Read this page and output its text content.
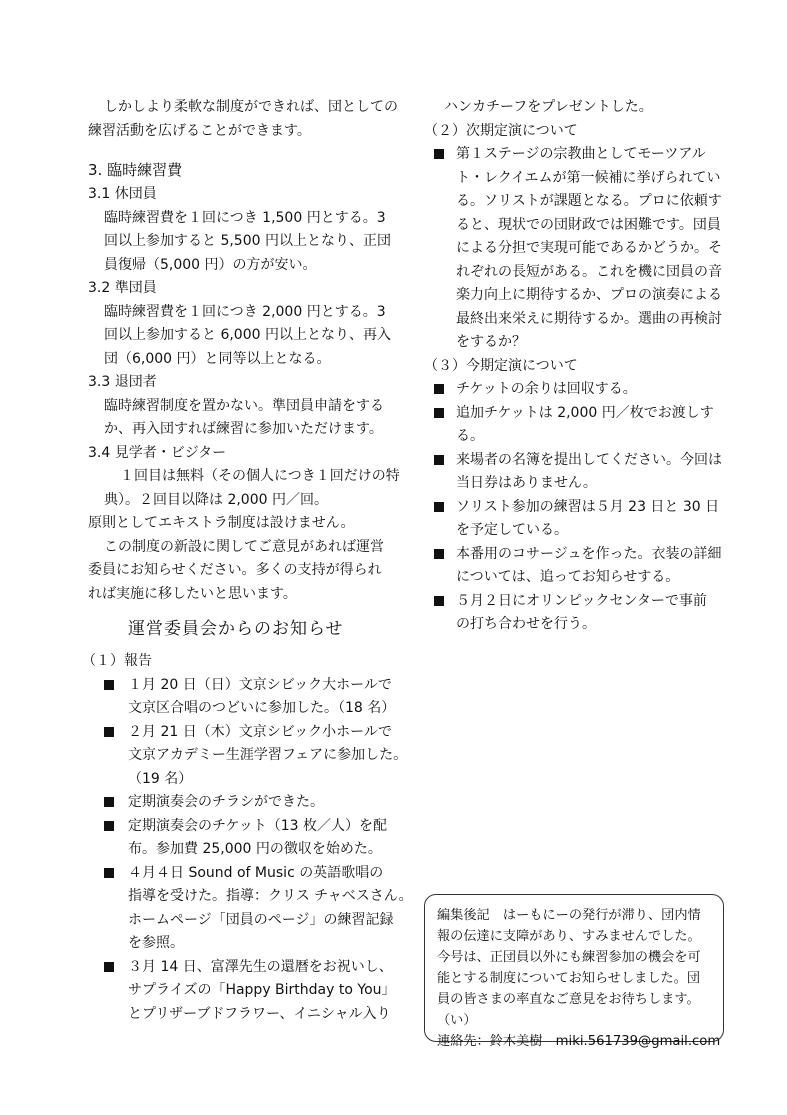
しかしより柔軟な制度ができれば、団としての
練習活動を広げることができます。
3. 臨時練習費
3.1 休団員
臨時練習費を１回につき 1,500 円とする。3
回以上参加すると 5,500 円以上となり、正団
員復帰（5,000 円）の方が安い。
3.2 準団員
臨時練習費を１回につき 2,000 円とする。3
回以上参加すると 6,000 円以上となり、再入
団（6,000 円）と同等以上となる。
3.3 退団者
臨時練習制度を置かない。準団員申請をする
か、再入団すれば練習に参加いただけます。
3.4 見学者・ビジター
１回目は無料（その個人につき１回だけの特
典）。２回目以降は 2,000 円／回。
原則としてエキストラ制度は設けません。
この制度の新設に関してご意見があれば運営
委員にお知らせください。多くの支持が得られ
れば実施に移したいと思います。
運営委員会からのお知らせ
（１）報告
１月 20 日（日）文京シビック大ホールで
文京区合唱のつどいに参加した。（18 名）
２月 21 日（木）文京シビック小ホールで
文京アカデミー生涯学習フェアに参加した。
（19 名）
定期演奏会のチラシができた。
定期演奏会のチケット（13 枚／人）を配
布。参加費 25,000 円の徴収を始めた。
４月４日 Sound of Music の英語歌唱の
指導を受けた。指導：クリス チャベスさん。
ホームページ「団員のページ」の練習記録
を参照。
３月 14 日、富澤先生の還暦をお祝いし、
サプライズの「Happy Birthday to You」
とプリザーブドフラワー、イニシャル入り
ハンカチーフをプレゼントした。
（２）次期定演について
第１ステージの宗教曲としてモーツアル
ト・レクイエムが第一候補に挙げられてい
る。ソリストが課題となる。プロに依頼す
ると、現状での団財政では困難です。団員
による分担で実現可能であるかどうか。そ
れぞれの長短がある。これを機に団員の音
楽力向上に期待するか、プロの演奏による
最終出来栄えに期待するか。選曲の再検討
をするか？
（３）今期定演について
チケットの余りは回収する。
追加チケットは 2,000 円／枚でお渡しす
る。
来場者の名簿を提出してください。今回は
当日券はありません。
ソリスト参加の練習は５月 23 日と 30 日
を予定している。
本番用のコサージュを作った。衣装の詳細
については、追ってお知らせする。
５月２日にオリンピックセンターで事前
の打ち合わせを行う。
編集後記　はーもにーの発行が滞り、団内情
報の伝達に支障があり、すみませんでした。
今号は、正団員以外にも練習参加の機会を可
能とする制度についてお知らせしました。団
員の皆さまの率直なご意見をお待ちします。
（い）
連絡先：鈴木美樹　miki.561739@gmail.com
